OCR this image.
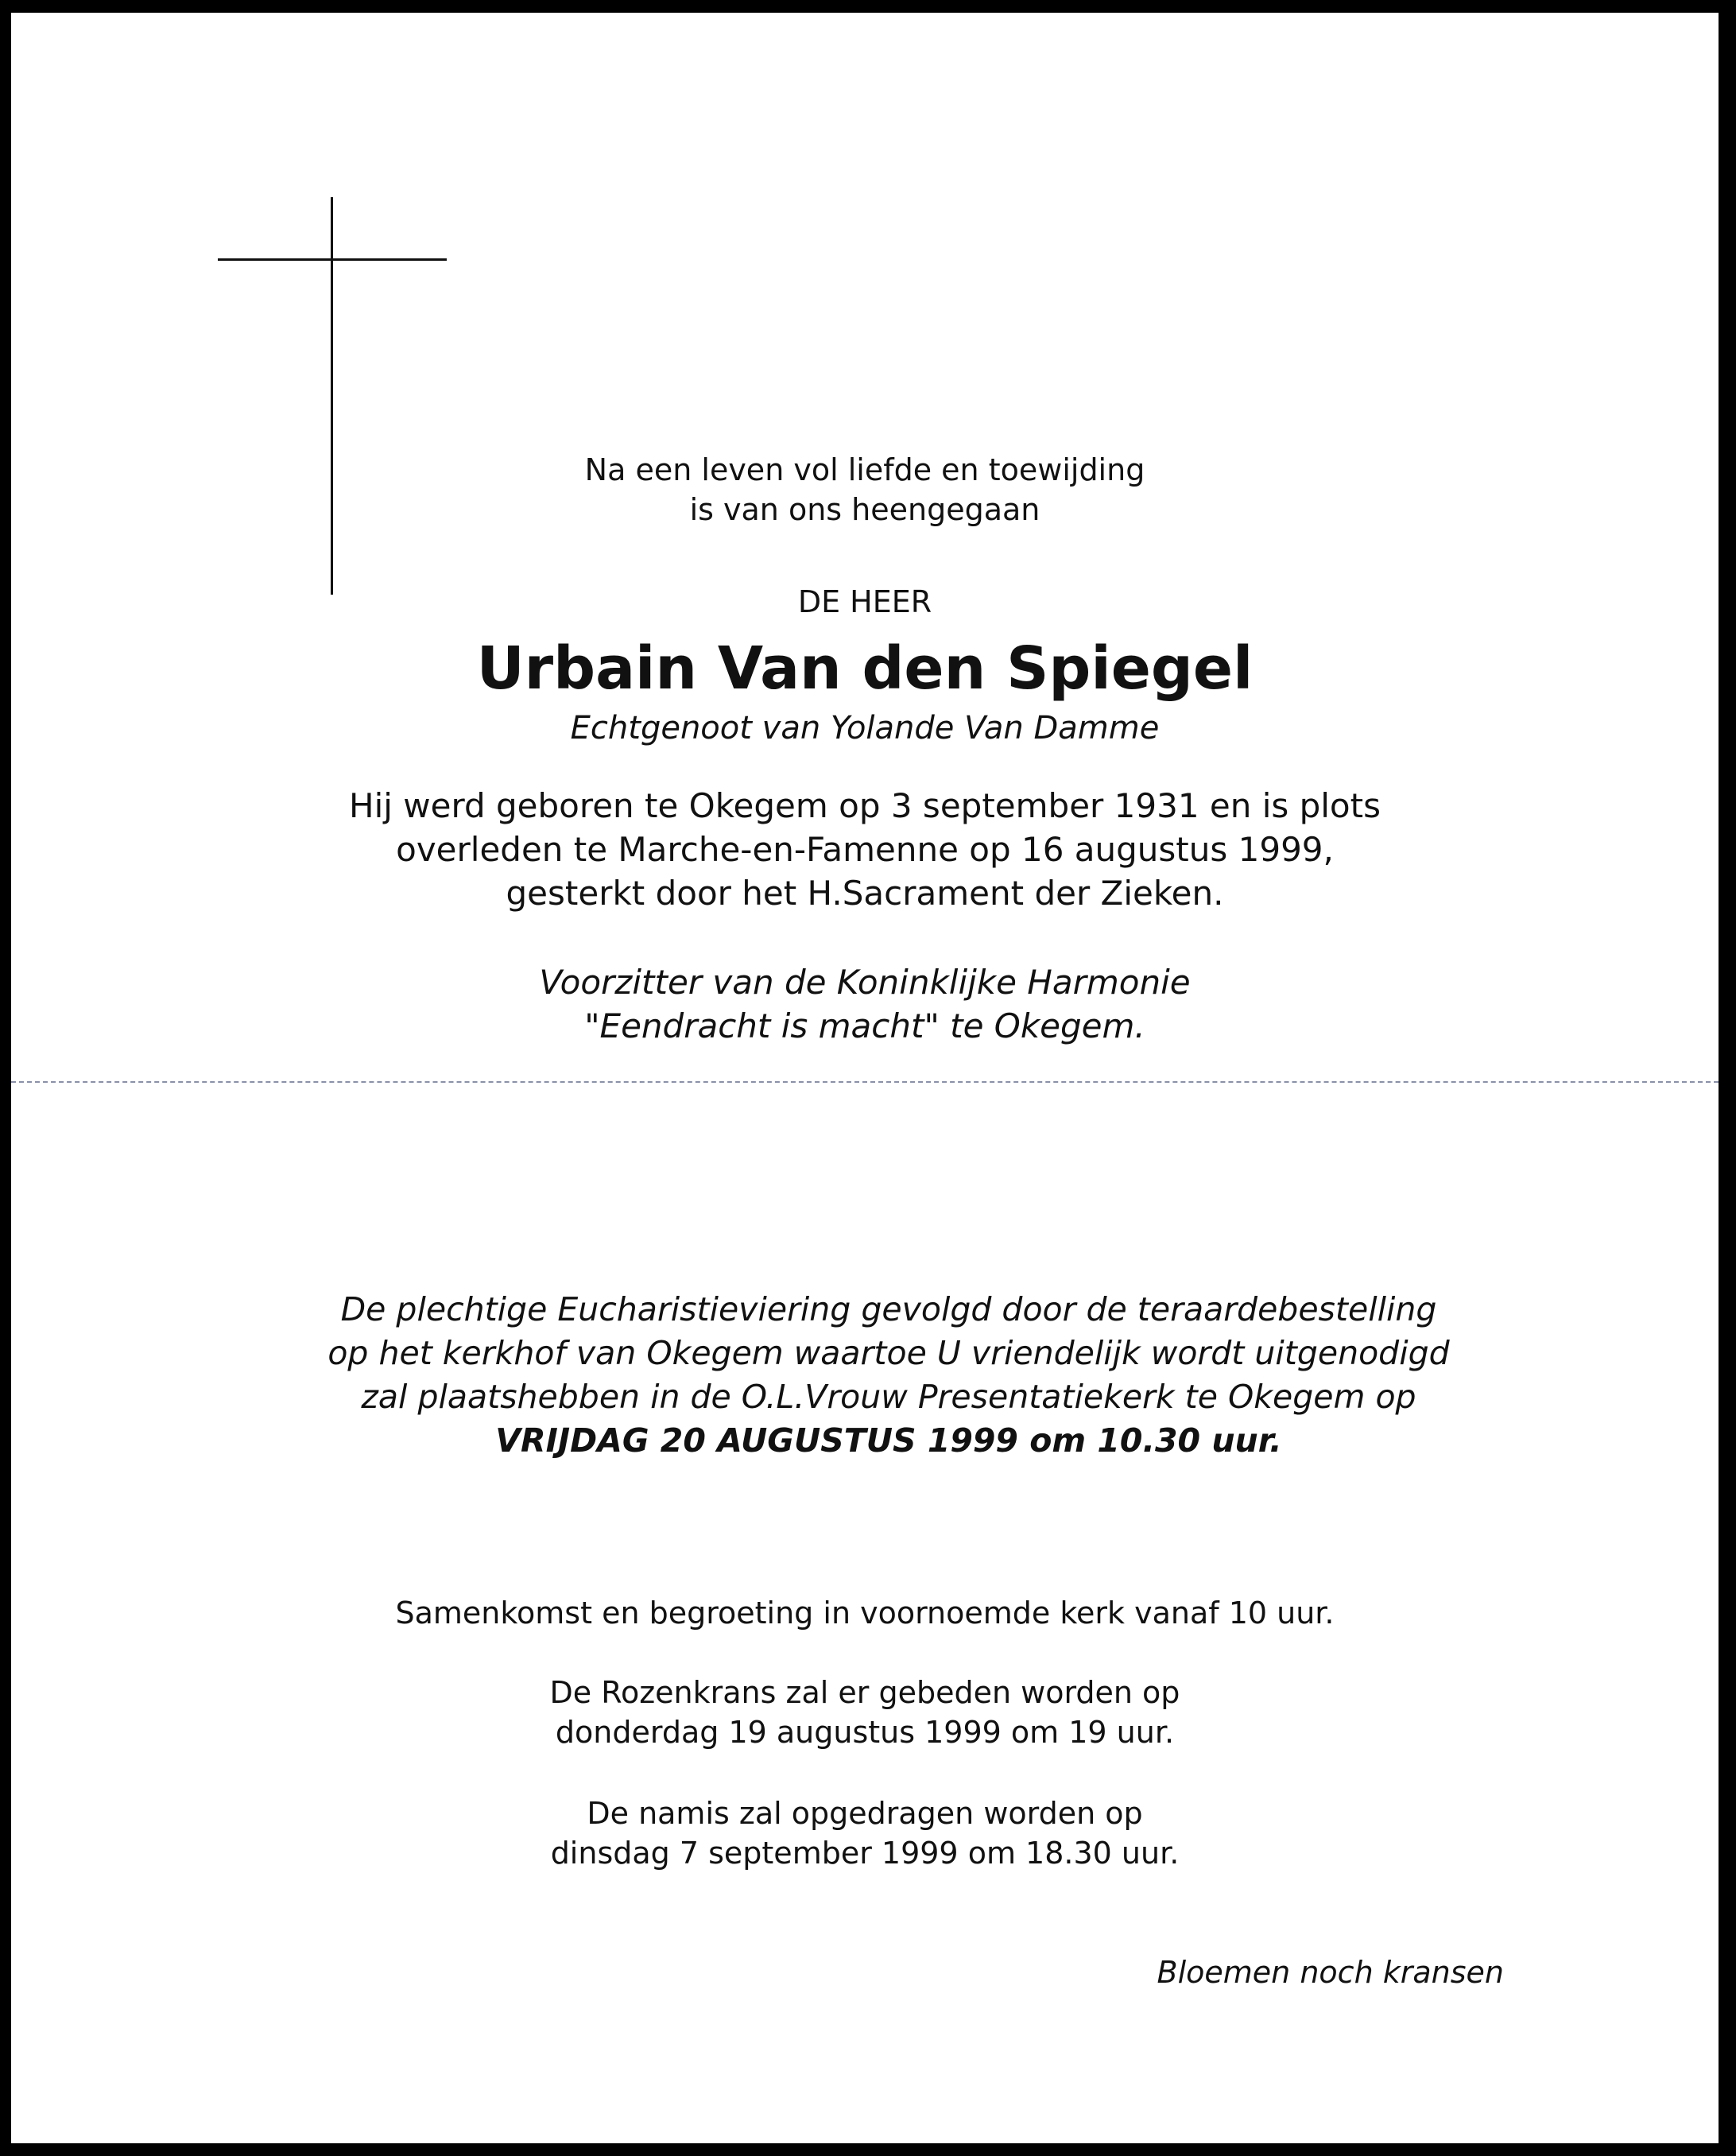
Na een leven vol liefde en toewijding
is van ons heengegaan
DE HEER
Urbain Van den Spiegel
Echtgenoot van Yolande Van Damme
Hij werd geboren te Okegem op 3 september 1931 en is plots
overleden te Marche-en-Famenne op 16 augustus 1999,
gesterkt door het H.Sacrament der Zieken.
Voorzitter van de Koninklijke Harmonie
"Eendracht is macht" te Okegem.
De plechtige Eucharistieviering gevolgd door de teraardebestelling
op het kerkhof van Okegem waartoe U vriendelijk wordt uitgenodigd
zal plaatshebben in de O.L.Vrouw Presentatiekerk te Okegem op
VRIJDAG 20 AUGUSTUS 1999 om 10.30 uur.
Samenkomst en begroeting in voornoemde kerk vanaf 10 uur.
De Rozenkrans zal er gebeden worden op
donderdag 19 augustus 1999 om 19 uur.
De namis zal opgedragen worden op
dinsdag 7 september 1999 om 18.30 uur.
Bloemen noch kransen
